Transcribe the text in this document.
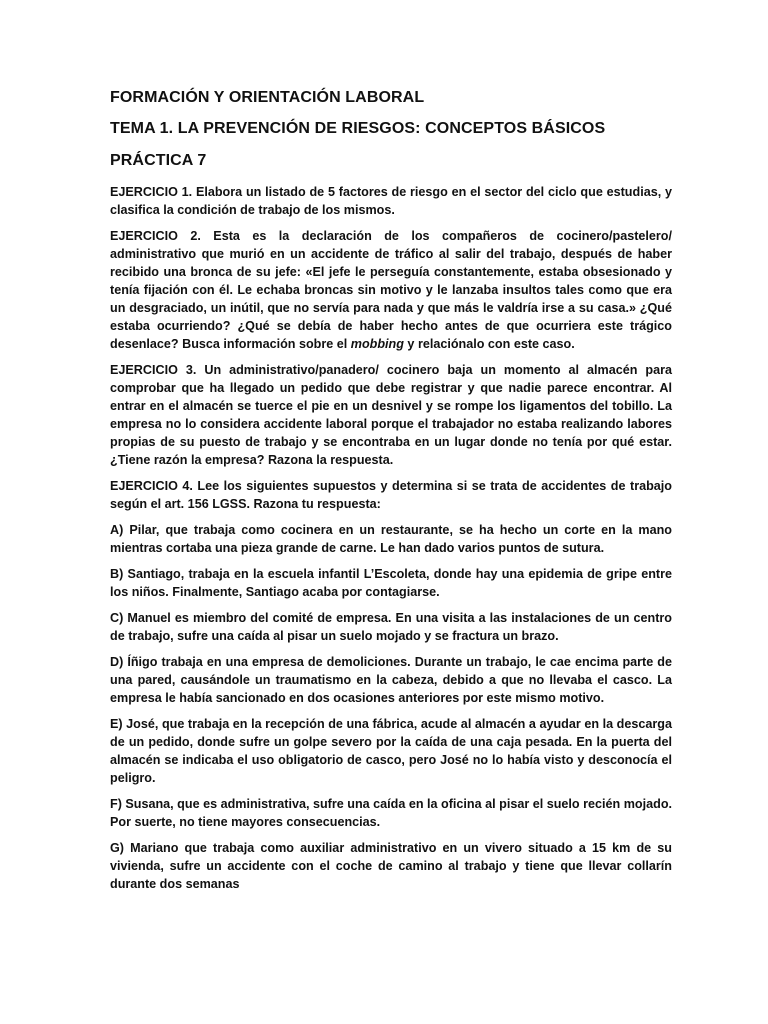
FORMACIÓN Y ORIENTACIÓN LABORAL
TEMA 1. LA PREVENCIÓN DE RIESGOS: CONCEPTOS BÁSICOS
PRÁCTICA 7

EJERCICIO 1. Elabora un listado de 5 factores de riesgo en el sector del ciclo que estudias, y clasifica la condición de trabajo de los mismos.

EJERCICIO 2. Esta es la declaración de los compañeros de cocinero/pastelero/ administrativo que murió en un accidente de tráfico al salir del trabajo, después de haber recibido una bronca de su jefe: «El jefe le perseguía constantemente, estaba obsesionado y tenía fijación con él. Le echaba broncas sin motivo y le lanzaba insultos tales como que era un desgraciado, un inútil, que no servía para nada y que más le valdría irse a su casa.» ¿Qué estaba ocurriendo? ¿Qué se debía de haber hecho antes de que ocurriera este trágico desenlace? Busca información sobre el mobbing y relaciónalo con este caso.

EJERCICIO 3. Un administrativo/panadero/ cocinero baja un momento al almacén para comprobar que ha llegado un pedido que debe registrar y que nadie parece encontrar. Al entrar en el almacén se tuerce el pie en un desnivel y se rompe los ligamentos del tobillo. La empresa no lo considera accidente laboral porque el trabajador no estaba realizando labores propias de su puesto de trabajo y se encontraba en un lugar donde no tenía por qué estar. ¿Tiene razón la empresa? Razona la respuesta.

EJERCICIO 4. Lee los siguientes supuestos y determina si se trata de accidentes de trabajo según el art. 156 LGSS. Razona tu respuesta:

A) Pilar, que trabaja como cocinera en un restaurante, se ha hecho un corte en la mano mientras cortaba una pieza grande de carne. Le han dado varios puntos de sutura.

B) Santiago, trabaja en la escuela infantil L’Escoleta, donde hay una epidemia de gripe entre los niños. Finalmente, Santiago acaba por contagiarse.

C) Manuel es miembro del comité de empresa. En una visita a las instalaciones de un centro de trabajo, sufre una caída al pisar un suelo mojado y se fractura un brazo.

D) Íñigo trabaja en una empresa de demoliciones. Durante un trabajo, le cae encima parte de una pared, causándole un traumatismo en la cabeza, debido a que no llevaba el casco. La empresa le había sancionado en dos ocasiones anteriores por este mismo motivo.

E) José, que trabaja en la recepción de una fábrica, acude al almacén a ayudar en la descarga de un pedido, donde sufre un golpe severo por la caída de una caja pesada. En la puerta del almacén se indicaba el uso obligatorio de casco, pero José no lo había visto y desconocía el peligro.

F) Susana, que es administrativa, sufre una caída en la oficina al pisar el suelo recién mojado. Por suerte, no tiene mayores consecuencias.

G) Mariano que trabaja como auxiliar administrativo en un vivero situado a 15 km de su vivienda, sufre un accidente con el coche de camino al trabajo y tiene que llevar collarín durante dos semanas
